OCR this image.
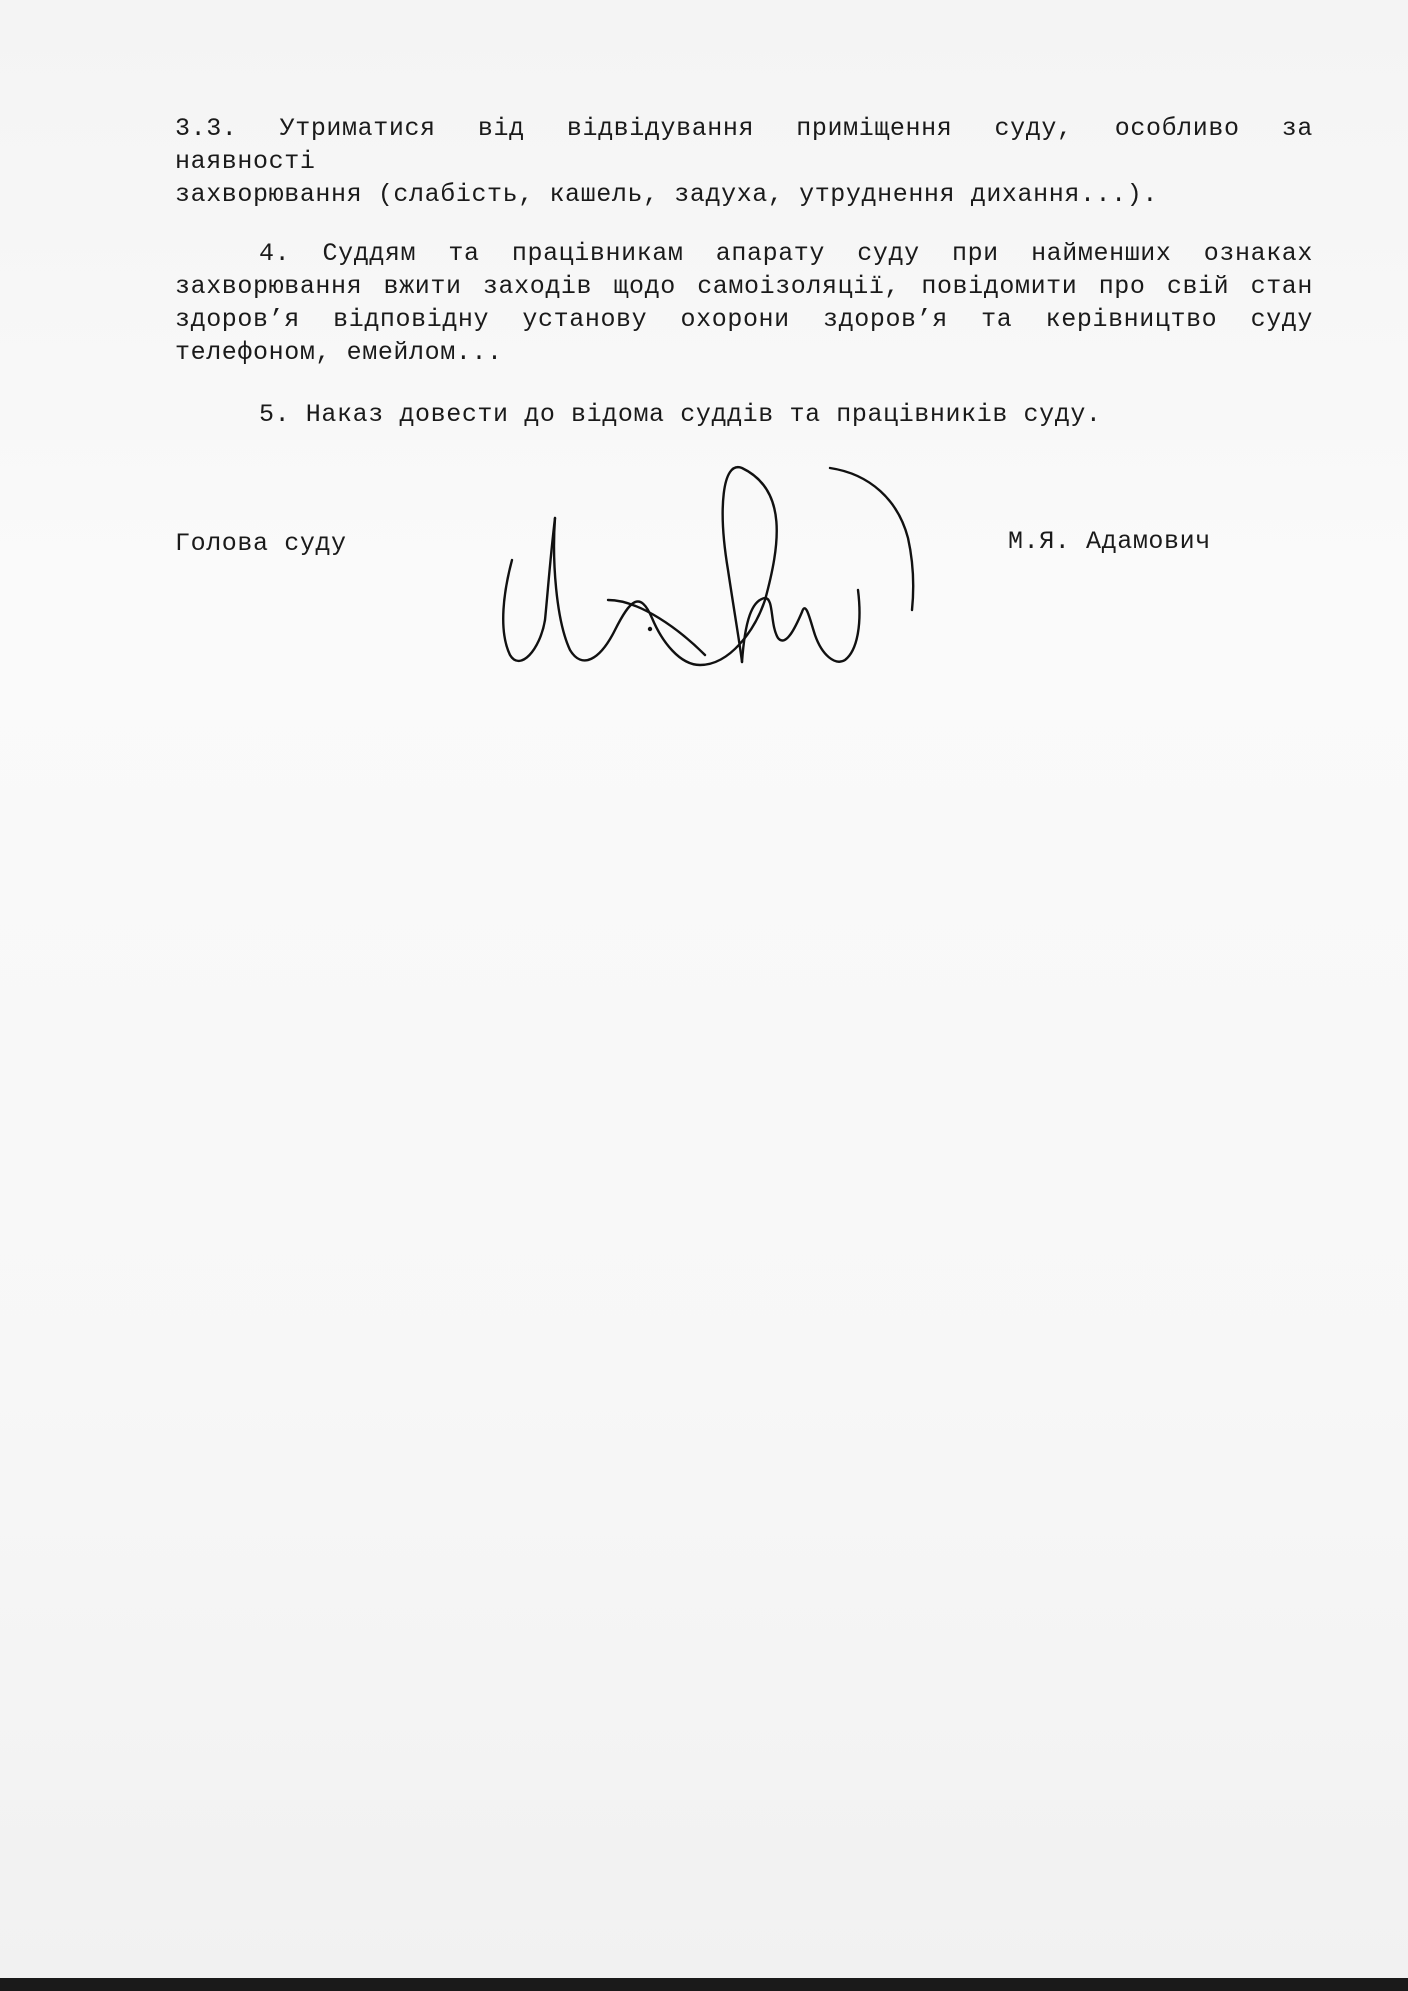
3.3. Утриматися від відвідування приміщення суду, особливо за

наявності

захворювання (слабість, кашель, задуха, утруднення дихання...).

4. Суддям та працівникам апарату суду при найменших ознаках захворювання вжити заходів щодо самоізоляції, повідомити про свій стан здоров’я відповідну установу охорони здоров’я та керівництво суду телефоном, емейлом...

5. Наказ довести до відома суддів та працівників суду.

Голова суду	М.Я. Адамович
